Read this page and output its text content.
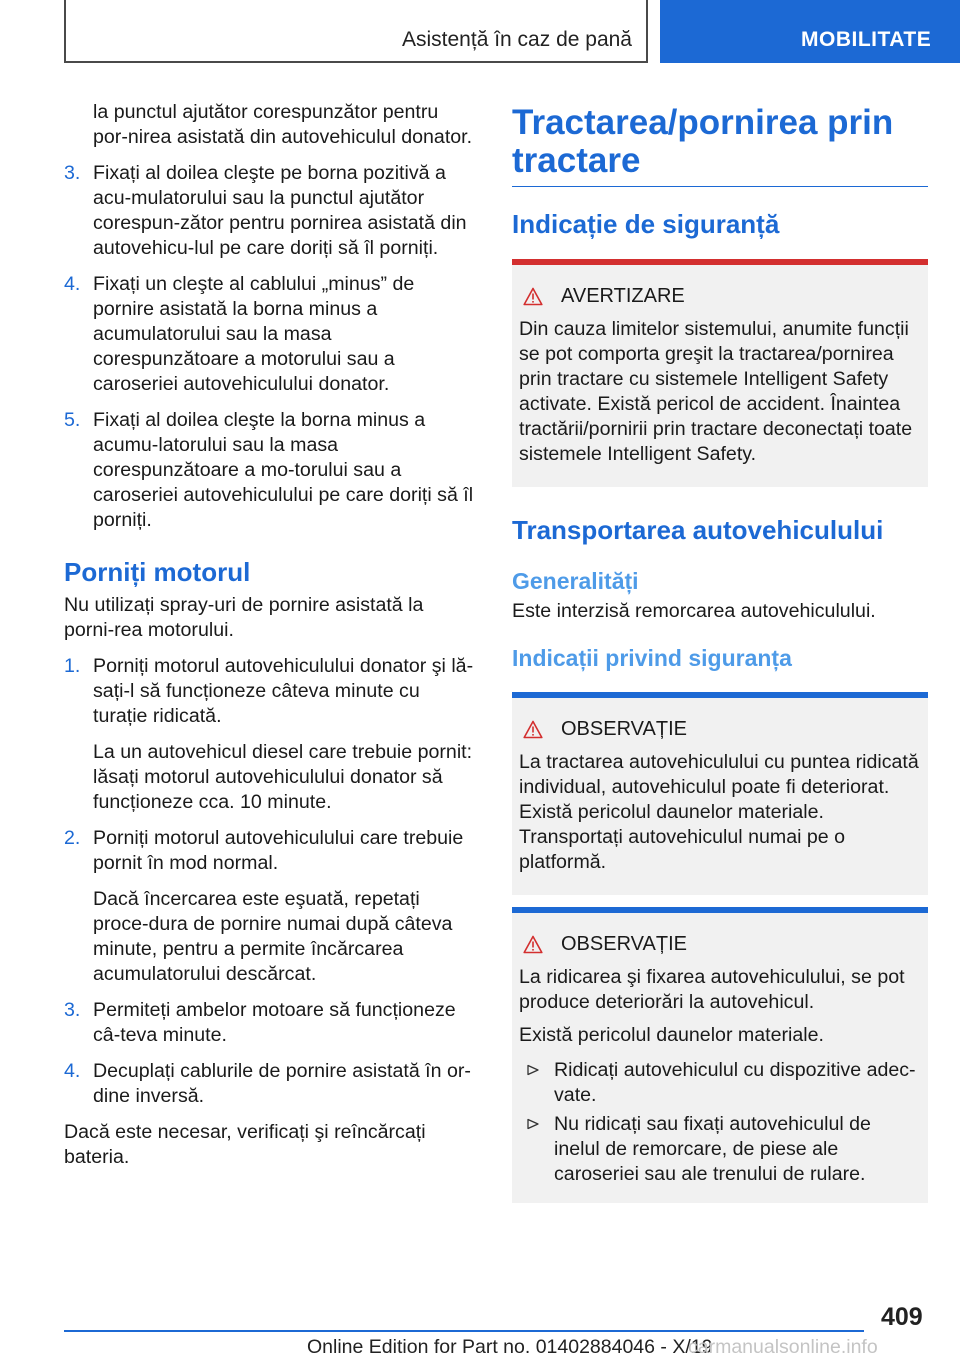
Asistență în caz de pană	MOBILITATE

la punctul ajutător corespunzător pentru por-nirea asistată din autovehiculul donator.

3. Fixați al doilea cleşte pe borna pozitivă a acu-mulatorului sau la punctul ajutător corespun-zător pentru pornirea asistată din autovehicu-lul pe care doriți să îl porniți.
4. Fixați un cleşte al cablului „minus” de pornire asistată la borna minus a acumulatorului sau la masa corespunzătoare a motorului sau a caroseriei autovehiculului donator.
5. Fixați al doilea cleşte la borna minus a acumu-latorului sau la masa corespunzătoare a mo-torului sau a caroseriei autovehiculului pe care doriți să îl porniți.
Porniți motorul

Nu utilizați spray-uri de pornire asistată la porni-rea motorului.

1. Porniți motorul autovehiculului donator şi lă-sați-l să funcționeze câteva minute cu turație ridicată.

La un autovehicul diesel care trebuie pornit: lăsați motorul autovehiculului donator să funcționeze cca. 10 minute.

2. Porniți motorul autovehiculului care trebuie pornit în mod normal.

Dacă încercarea este eşuată, repetați proce-dura de pornire numai după câteva minute, pentru a permite încărcarea acumulatorului descărcat.

3. Permiteți ambelor motoare să funcționeze câ-teva minute.
4. Decuplați cablurile de pornire asistată în or-dine inversă.

Dacă este necesar, verificați şi reîncărcați bateria.

Tractarea/pornirea prin tractare
Indicație de siguranță
AVERTIZARE

Din cauza limitelor sistemului, anumite funcții se pot comporta greşit la tractarea/pornirea prin tractare cu sistemele Intelligent Safety activate. Există pericol de accident. Înaintea tractării/pornirii prin tractare deconectați toate sistemele Intelligent Safety.

Transportarea autovehiculului
Generalități

Este interzisă remorcarea autovehiculului.

Indicații privind siguranța
OBSERVAȚIE

La tractarea autovehiculului cu puntea ridicată individual, autovehiculul poate fi deteriorat. Există pericolul daunelor materiale. Transportați autovehiculul numai pe o platformă.

OBSERVAȚIE

La ridicarea şi fixarea autovehiculului, se pot produce deteriorări la autovehicul.

Există pericolul daunelor materiale.

Ridicați autovehiculul cu dispozitive adec-vate.
Nu ridicați sau fixați autovehiculul de inelul de remorcare, de piese ale caroseriei sau ale trenului de rulare.
409
Online Edition for Part no. 01402884046 - X/19
carmanualsonline.info
